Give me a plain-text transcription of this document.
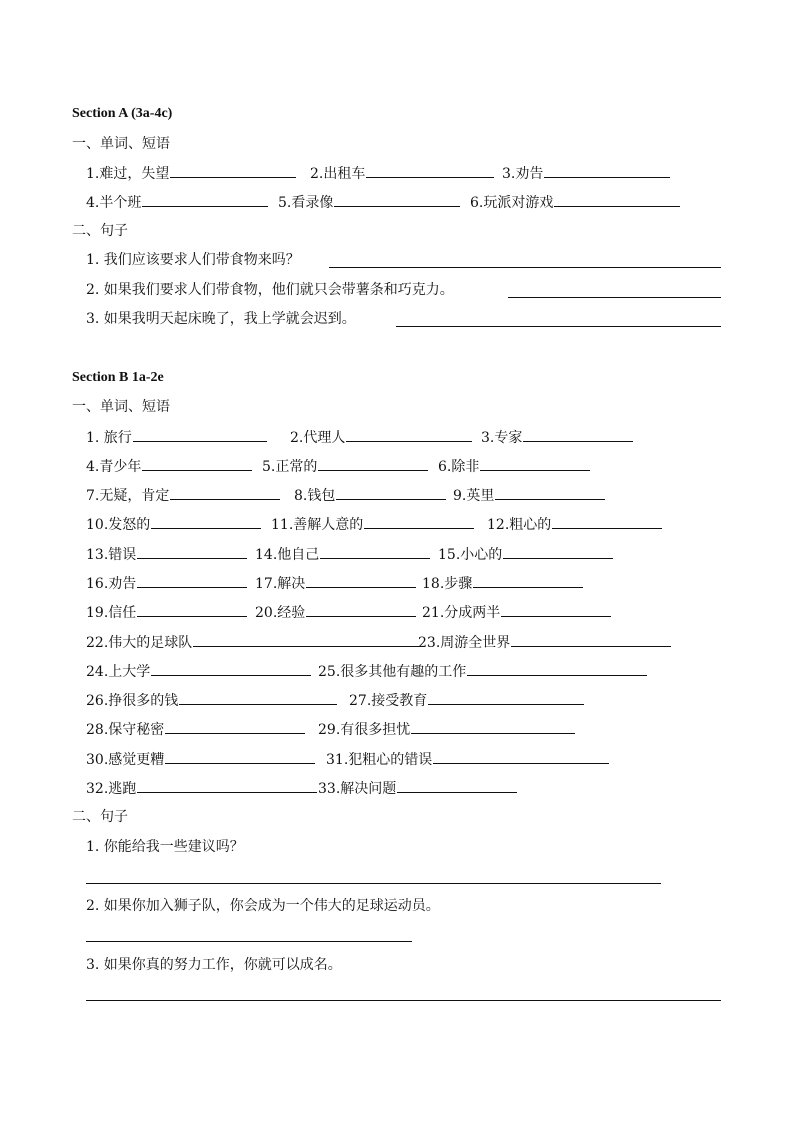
Section A (3a-4c)
一、单词、短语
1.难过，失望	2.出租车	3.劝告
4.半个班	5.看录像	6.玩派对游戏
二、句子
1. 我们应该要求人们带食物来吗？
2. 如果我们要求人们带食物，他们就只会带薯条和巧克力。
3. 如果我明天起床晚了，我上学就会迟到。
Section B 1a-2e
一、单词、短语
1. 旅行	2.代理人	3.专家
4.青少年	5.正常的	6.除非
7.无疑，肯定	8.钱包	9.英里
10.发怒的	11.善解人意的	12.粗心的
13.错误	14.他自己	15.小心的
16.劝告	17.解决	18.步骤
19.信任	20.经验	21.分成两半
22.伟大的足球队	23.周游全世界
24.上大学	25.很多其他有趣的工作
26.挣很多的钱	27.接受教育
28.保守秘密	29.有很多担忧
30.感觉更糟	31.犯粗心的错误
32.逃跑	33.解决问题
二、句子
1. 你能给我一些建议吗？
2. 如果你加入狮子队，你会成为一个伟大的足球运动员。
3. 如果你真的努力工作，你就可以成名。
